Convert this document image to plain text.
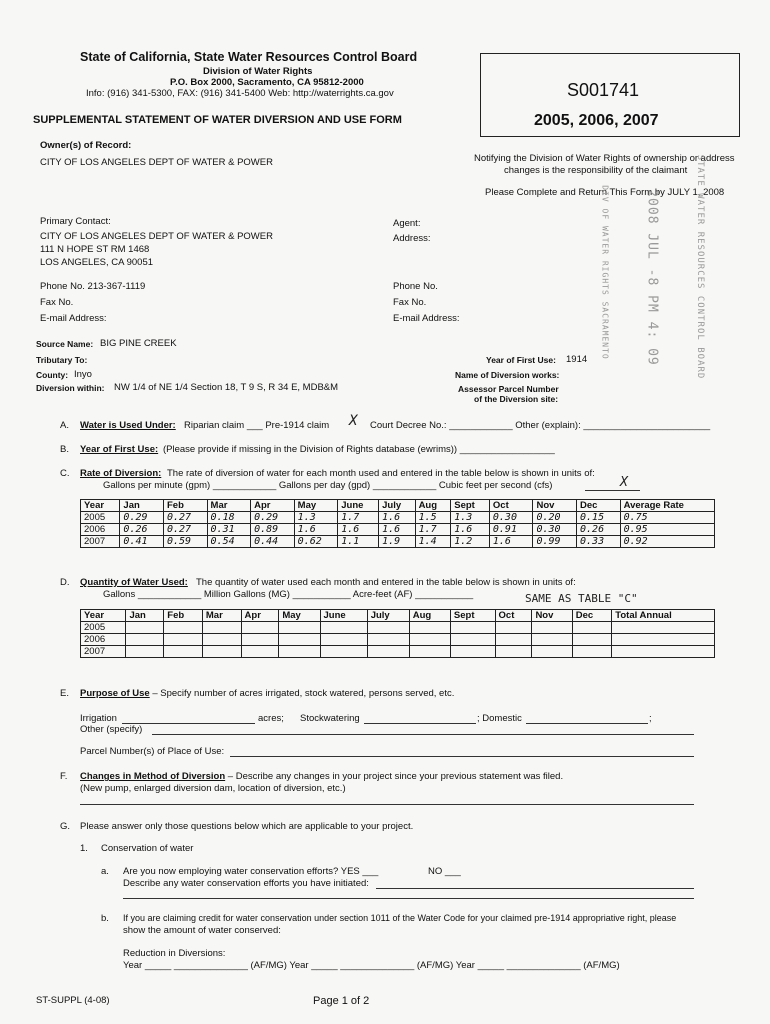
State of California, State Water Resources Control Board
Division of Water Rights
P.O. Box 2000, Sacramento, CA 95812-2000
Info: (916) 341-5300, FAX: (916) 341-5400 Web: http://waterrights.ca.gov
SUPPLEMENTAL STATEMENT OF WATER DIVERSION AND USE FORM
S001741
2005, 2006, 2007
Owner(s) of Record:
CITY OF LOS ANGELES DEPT OF WATER & POWER	Notifying the Division of Water Rights of ownership or address
changes is the responsibility of the claimant
Please Complete and Return This Form by JULY 1, 2008
Primary Contact:
CITY OF LOS ANGELES DEPT OF WATER & POWER
111 N HOPE ST RM 1468
LOS ANGELES, CA 90051
Phone No. 213-367-1119
Fax No.
E-mail Address:
Agent:
Address:
Phone No.
Fax No.
E-mail Address:	2008 JUL -8 PM 4: 09	STATE WATER RESOURCES CONTROL BOARD
DIV OF WATER RIGHTS SACRAMENTO
Source Name: BIG PINE CREEK
Tributary To:
County: Inyo
Diversion within: NW 1/4 of NE 1/4 Section 18, T 9 S, R 34 E, MDB&M
Year of First Use: 1914
Name of Diversion works:
Assessor Parcel Number
of the Diversion site:
A. Water is Used Under: Riparian claim ___ Pre-1914 claim X Court Decree No.: ____________ Other (explain): ________________________
B. Year of First Use: (Please provide if missing in the Division of Rights database (ewrims)) __________________
C. Rate of Diversion: The rate of diversion of water for each month used and entered in the table below is shown in units of:
Gallons per minute (gpm) ____________ Gallons per day (gpd) ____________ Cubic feet per second (cfs)	X
Year	Jan	Feb	Mar	Apr	May	June	July	Aug	Sept	Oct	Nov	Dec	Average Rate
2005	0.29	0.27	0.18	0.29	1.3	1.7	1.6	1.5	1.3	0.30	0.20	0.15	0.75
2006	0.26	0.27	0.31	0.89	1.6	1.6	1.6	1.7	1.6	0.91	0.30	0.26	0.95
2007	0.41	0.59	0.54	0.44	0.62	1.1	1.9	1.4	1.2	1.6	0.99	0.33	0.92
D. Quantity of Water Used: The quantity of water used each month and entered in the table below is shown in units of:
Gallons ____________ Million Gallons (MG) ___________ Acre-feet (AF) ___________	SAME AS TABLE "C"
Year	Jan	Feb	Mar	Apr	May	June	July	Aug	Sept	Oct	Nov	Dec	Total Annual
2005													
2006													
2007													
E. Purpose of Use – Specify number of acres irrigated, stock watered, persons served, etc.
Irrigation	acres; Stockwatering	; Domestic	;
Other (specify)
Parcel Number(s) of Place of Use:
F. Changes in Method of Diversion – Describe any changes in your project since your previous statement was filed.
(New pump, enlarged diversion dam, location of diversion, etc.)
G. Please answer only those questions below which are applicable to your project.
1. Conservation of water
a. Are you now employing water conservation efforts? YES ___	NO ___
Describe any water conservation efforts you have initiated:
b. If you are claiming credit for water conservation under section 1011 of the Water Code for your claimed pre-1914 appropriative right, please
show the amount of water conserved:
Reduction in Diversions:
Year _____ ______________ (AF/MG) Year _____ ______________ (AF/MG) Year _____ ______________ (AF/MG)
ST-SUPPL (4-08)	Page 1 of 2
